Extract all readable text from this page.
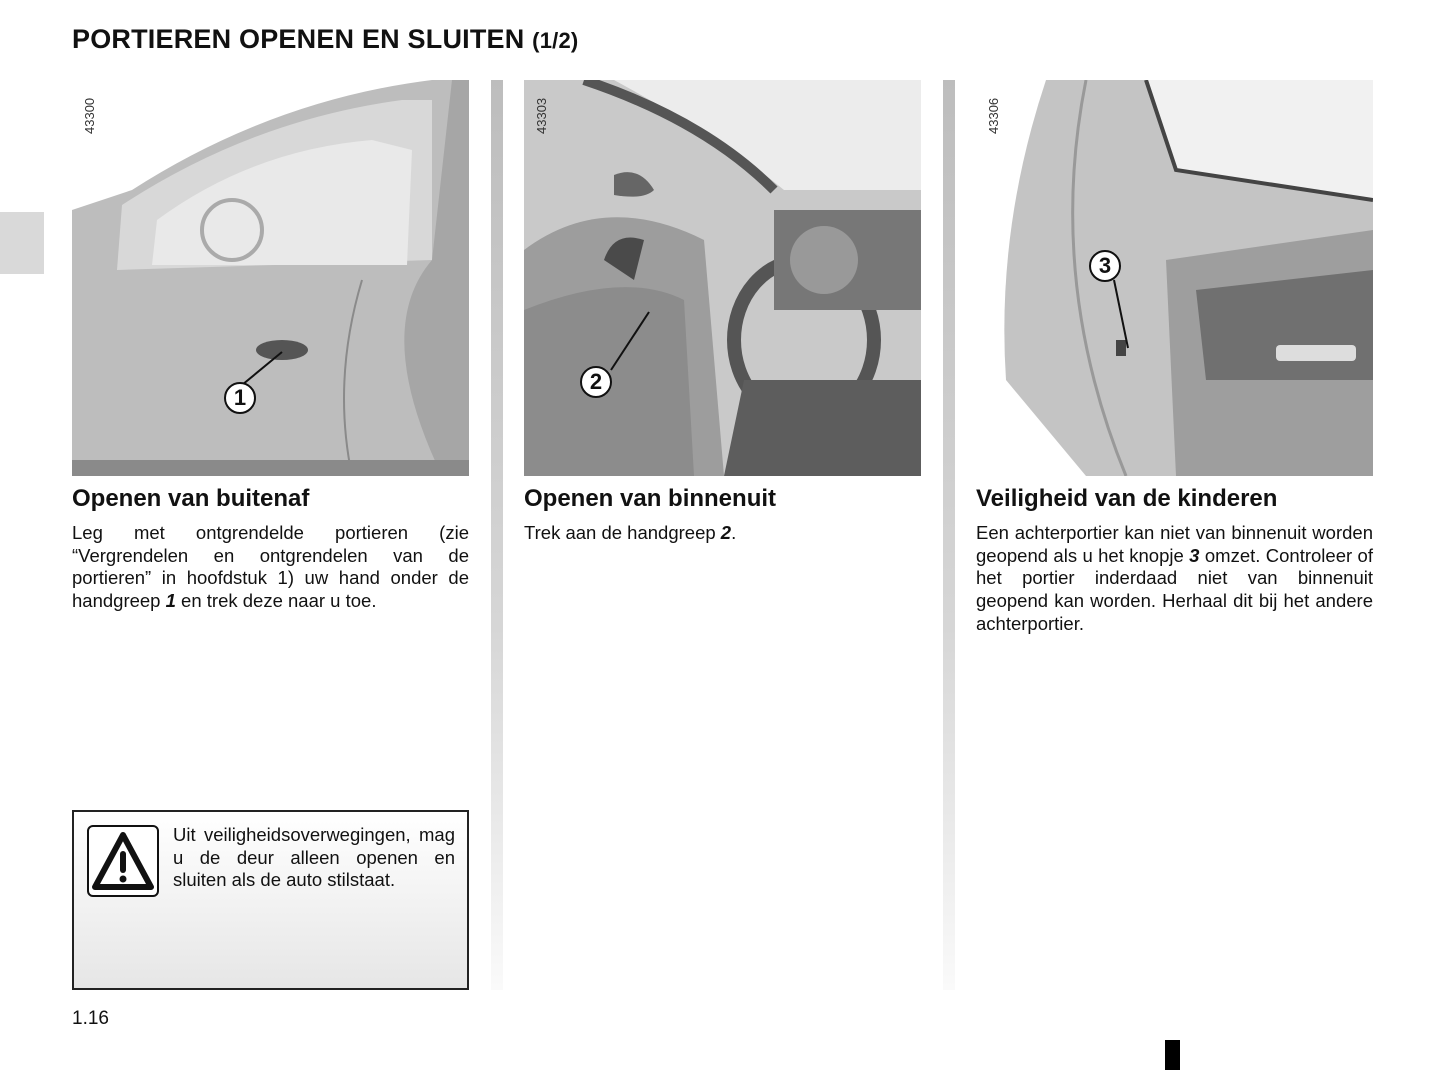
PORTIEREN OPENEN EN SLUITEN (1/2)
43300
1
Openen van buitenaf

Leg met ontgrendelde portieren (zie “Vergrendelen en ontgrendelen van de portieren” in hoofdstuk 1) uw hand onder de handgreep 1 en trek deze naar u toe.

43303
2
Openen van binnenuit

Trek aan de handgreep 2.

43306
3
Veiligheid van de kinderen

Een achterportier kan niet van binnenuit worden geopend als u het knopje 3 omzet. Controleer of het portier inderdaad niet van binnenuit geopend kan worden. Herhaal dit bij het andere achterportier.

Uit veiligheidsoverwegingen, mag u de deur alleen openen en sluiten als de auto stilstaat.
1.16
